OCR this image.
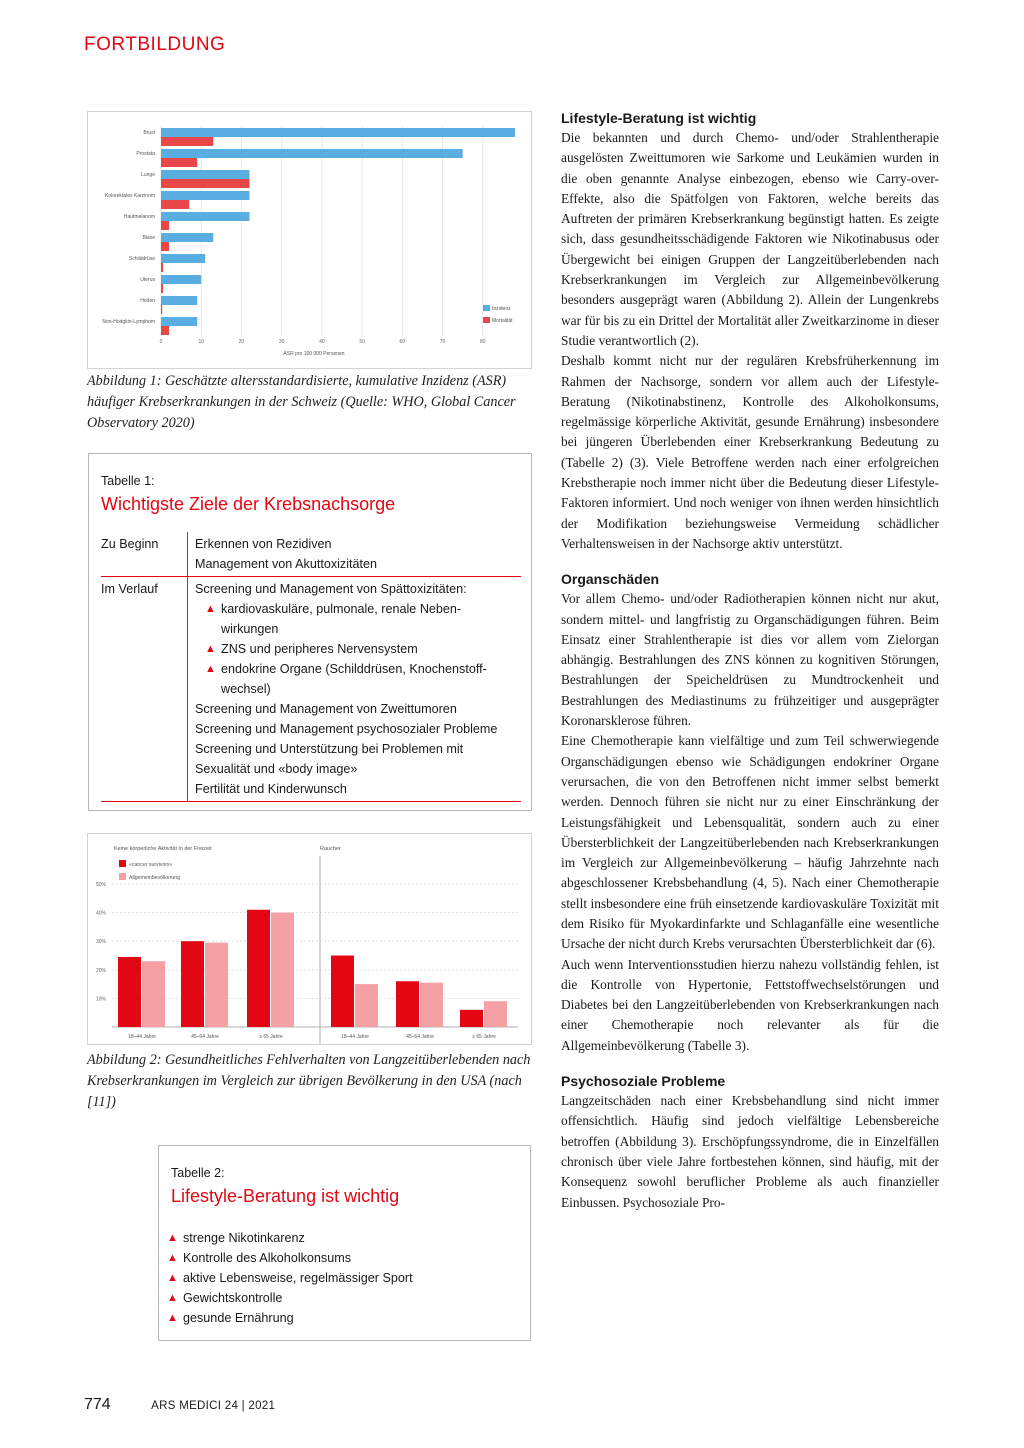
FORTBILDUNG
0	10	20	30	40	50	60	70	80
Brust
Prostata
Lunge
Kolorektales Karzinom
Hautmelanom
Blase
Schilddrüse
Uterus
Hoden
Non-Hodgkin-Lymphom
ASR pro 100 000 Personen
Inzidenz
Mortalität
Abbildung 1: Geschätzte altersstandardisierte, kumulative Inzidenz (ASR) häufiger Krebserkrankungen in der Schweiz (Quelle: WHO, Global Cancer Observatory 2020)
Tabelle 1:
Wichtigste Ziele der Krebsnachsorge
Zu Beginn	Erkennen von Rezidiven
Management von Akuttoxizitäten
Im Verlauf	Screening und Management von Spättoxizitäten:
▲ kardiovaskuläre, pulmonale, renale Neben-
wirkungen
▲ ZNS und peripheres Nervensystem
▲ endokrine Organe (Schilddrüsen, Knochenstoff-
wechsel)
Screening und Management von Zweittumoren
Screening und Management psychosozialer Probleme
Screening und Unterstützung bei Problemen mit Sexualität und «body image»
Fertilität und Kinderwunsch
10%
20%
30%
40%
50%
Keine körperliche Aktivität in der Freizeit	Raucher
18–44 Jahre	45–64 Jahre	≥ 65 Jahre	18–44 Jahre	45–64 Jahre	≥ 65 Jahre
«cancer survivors»
Allgemeinbevölkerung
Abbildung 2: Gesundheitliches Fehlverhalten von Langzeitüberlebenden nach Krebserkrankungen im Vergleich zur übrigen Bevölkerung in den USA (nach [11])
Tabelle 2:
Lifestyle-Beratung ist wichtig
▲ strenge Nikotinkarenz
▲ Kontrolle des Alkoholkonsums
▲ aktive Lebensweise, regelmässiger Sport
▲ Gewichtskontrolle
▲ gesunde Ernährung
Lifestyle-Beratung ist wichtig

Die bekannten und durch Chemo- und/oder Strahlentherapie ausgelösten Zweittumoren wie Sarkome und Leukämien wurden in die oben genannte Analyse einbezogen, ebenso wie Carry-over-Effekte, also die Spätfolgen von Faktoren, welche bereits das Auftreten der primären Krebserkrankung begünstigt hatten. Es zeigte sich, dass gesundheitsschädigende Faktoren wie Nikotinabusus oder Übergewicht bei einigen Gruppen der Langzeitüberlebenden nach Krebserkrankungen im Vergleich zur Allgemeinbevölkerung besonders ausgeprägt waren (Abbildung 2). Allein der Lungenkrebs war für bis zu ein Drittel der Mortalität aller Zweitkarzinome in dieser Studie verantwortlich (2).

Deshalb kommt nicht nur der regulären Krebsfrüherkennung im Rahmen der Nachsorge, sondern vor allem auch der Lifestyle-Beratung (Nikotinabstinenz, Kontrolle des Alkoholkonsums, regelmässige körperliche Aktivität, gesunde Ernährung) insbesondere bei jüngeren Überlebenden einer Krebserkrankung Bedeutung zu (Tabelle 2) (3). Viele Betroffene werden nach einer erfolgreichen Krebstherapie noch immer nicht über die Bedeutung dieser Lifestyle-Faktoren informiert. Und noch weniger von ihnen werden hinsichtlich der Modifikation beziehungsweise Vermeidung schädlicher Verhaltensweisen in der Nachsorge aktiv unterstützt.

Organschäden

Vor allem Chemo- und/oder Radiotherapien können nicht nur akut, sondern mittel- und langfristig zu Organschädigungen führen. Beim Einsatz einer Strahlentherapie ist dies vor allem vom Zielorgan abhängig. Bestrahlungen des ZNS können zu kognitiven Störungen, Bestrahlungen der Speicheldrüsen zu Mundtrockenheit und Bestrahlungen des Mediastinums zu frühzeitiger und ausgeprägter Koronarsklerose führen.

Eine Chemotherapie kann vielfältige und zum Teil schwerwiegende Organschädigungen ebenso wie Schädigungen endokriner Organe verursachen, die von den Betroffenen nicht immer selbst bemerkt werden. Dennoch führen sie nicht nur zu einer Einschränkung der Leistungsfähigkeit und Lebensqualität, sondern auch zu einer Übersterblichkeit der Langzeitüberlebenden nach Krebserkrankungen im Vergleich zur Allgemeinbevölkerung – häufig Jahrzehnte nach abgeschlossener Krebsbehandlung (4, 5). Nach einer Chemotherapie stellt insbesondere eine früh einsetzende kardiovaskuläre Toxizität mit dem Risiko für Myokardinfarkte und Schlaganfälle eine wesentliche Ursache der nicht durch Krebs verursachten Übersterblichkeit dar (6).

Auch wenn Interventionsstudien hierzu nahezu vollständig fehlen, ist die Kontrolle von Hypertonie, Fettstoffwechselstörungen und Diabetes bei den Langzeitüberlebenden von Krebserkrankungen nach einer Chemotherapie noch relevanter als für die Allgemeinbevölkerung (Tabelle 3).

Psychosoziale Probleme

Langzeitschäden nach einer Krebsbehandlung sind nicht immer offensichtlich. Häufig sind jedoch vielfältige Lebensbereiche betroffen (Abbildung 3). Erschöpfungssyndrome, die in Einzelfällen chronisch über viele Jahre fortbestehen können, sind häufig, mit der Konsequenz sowohl beruflicher Probleme als auch finanzieller Einbussen. Psychosoziale Pro-

774	ARS MEDICI 24 | 2021
